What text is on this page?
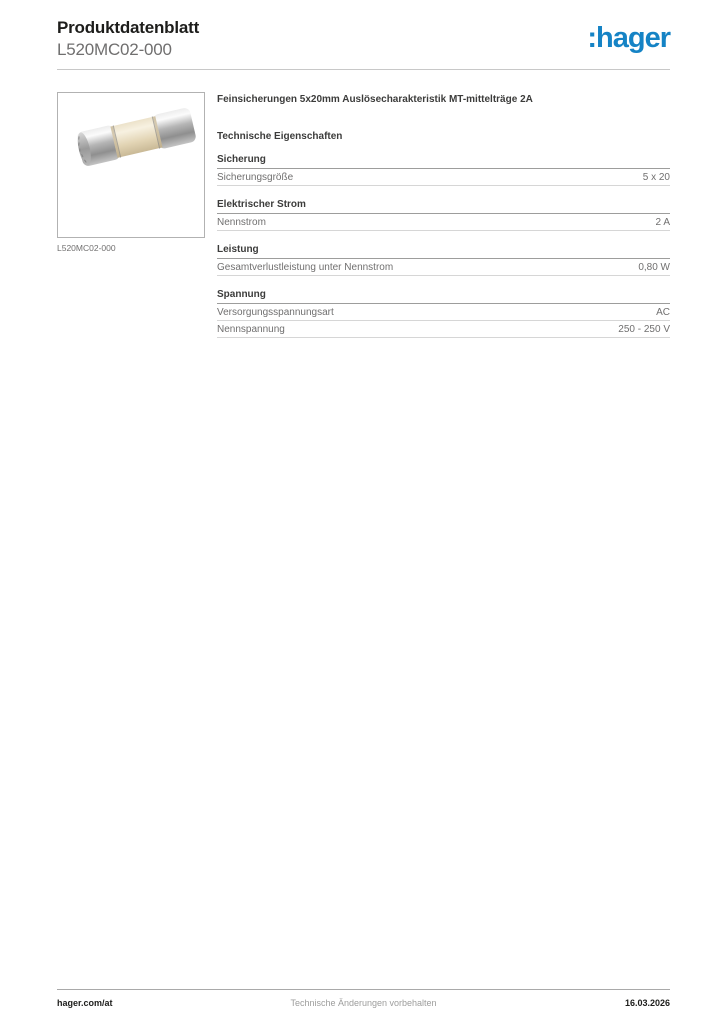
Produktdatenblatt
L520MC02-000	:hager
L520MC02-000
Feinsicherungen 5x20mm Auslösecharakteristik MT-mittelträge 2A
Technische Eigenschaften
Sicherung
Sicherungsgröße	5 x 20
Elektrischer Strom
Nennstrom	2 A
Leistung
Gesamtverlustleistung unter Nennstrom	0,80 W
Spannung
Versorgungsspannungsart	AC
Nennspannung	250 - 250 V
Technische Änderungen vorbehalten
hager.com/at	16.03.2026
